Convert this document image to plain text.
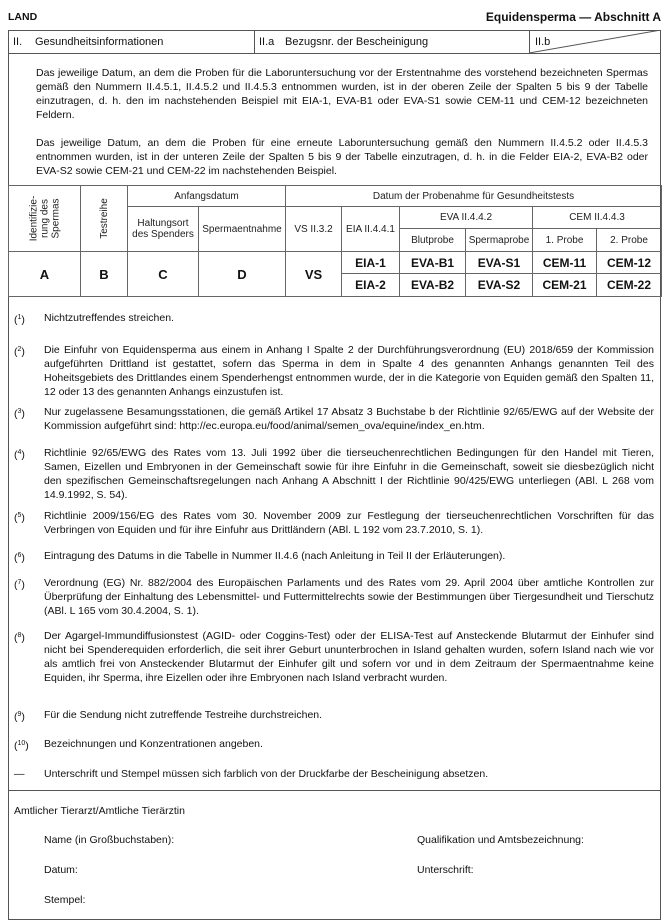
LAND	Equidensperma — Abschnitt A
II. Gesundheitsinformationen	II.a Bezugsnr. der Bescheinigung	II.b
Das jeweilige Datum, an dem die Proben für die Laboruntersuchung vor der Erstentnahme des vorstehend bezeichneten Spermas gemäß den Nummern II.4.5.1, II.4.5.2 und II.4.5.3 entnommen wurden, ist in der oberen Zeile der Spalten 5 bis 9 der Tabelle einzutragen, d. h. den im nachstehenden Beispiel mit EIA-1, EVA-B1 oder EVA-S1 sowie CEM-11 und CEM-12 bezeichneten Feldern.
Das jeweilige Datum, an dem die Proben für eine erneute Laboruntersuchung gemäß den Nummern II.4.5.2 oder II.4.5.3 entnommen wurden, ist in der unteren Zeile der Spalten 5 bis 9 der Tabelle einzutragen, d. h. in die Felder EIA-2, EVA-B2 oder EVA-S2 sowie CEM-21 und CEM-22 im nachstehenden Beispiel.
Identifizie-
rung des
Spermas	Testreihe	Anfangsdatum		Datum der Probenahme für Gesundheitstests					
		Haltungsort
des Spenders	Spermaentnahme	VS II.3.2	EIA II.4.4.1	EVA II.4.4.2		CEM II.4.4.3	
						Blutprobe	Spermaprobe	1. Probe	2. Probe
A	B	C	D	VS	EIA-1	EVA-B1	EVA-S1	CEM-11	CEM-12
					EIA-2	EVA-B2	EVA-S2	CEM-21	CEM-22
($^1$)	Nichtzutreffendes streichen.
($^2$)	Die Einfuhr von Equidensperma aus einem in Anhang I Spalte 2 der Durchführungsverordnung (EU) 2018/659 der Kommission aufgeführten Drittland ist gestattet, sofern das Sperma in dem in Spalte 4 des genannten Anhangs genannten Teil des Hoheitsgebiets des Drittlandes einem Spenderhengst entnommen wurde, der in die Kategorie von Equiden gemäß den Spalten 11, 12 oder 13 des genannten Anhangs einzustufen ist.
($^3$)	Nur zugelassene Besamungsstationen, die gemäß Artikel 17 Absatz 3 Buchstabe b der Richtlinie 92/65/EWG auf der Website der Kommission aufgeführt sind: http://ec.europa.eu/food/animal/semen_ova/equine/index_en.htm.
($^4$)	Richtlinie 92/65/EWG des Rates vom 13. Juli 1992 über die tierseuchenrechtlichen Bedingungen für den Handel mit Tieren, Samen, Eizellen und Embryonen in der Gemeinschaft sowie für ihre Einfuhr in die Gemeinschaft, soweit sie diesbezüglich nicht den spezifischen Gemeinschaftsregelungen nach Anhang A Abschnitt I der Richtlinie 90/425/EWG unterliegen (ABl. L 268 vom 14.9.1992, S. 54).
($^5$)	Richtlinie 2009/156/EG des Rates vom 30. November 2009 zur Festlegung der tierseuchenrechtlichen Vorschriften für das Verbringen von Equiden und für ihre Einfuhr aus Drittländern (ABl. L 192 vom 23.7.2010, S. 1).
($^6$)	Eintragung des Datums in die Tabelle in Nummer II.4.6 (nach Anleitung in Teil II der Erläuterungen).
($^7$)	Verordnung (EG) Nr. 882/2004 des Europäischen Parlaments und des Rates vom 29. April 2004 über amtliche Kontrollen zur Überprüfung der Einhaltung des Lebensmittel- und Futtermittelrechts sowie der Bestimmungen über Tiergesundheit und Tierschutz (ABl. L 165 vom 30.4.2004, S. 1).
($^8$)	Der Agargel-Immundiffusionstest (AGID- oder Coggins-Test) oder der ELISA-Test auf Ansteckende Blutarmut der Einhufer sind nicht bei Spenderequiden erforderlich, die seit ihrer Geburt ununterbrochen in Island gehalten wurden, sofern Island nach wie vor als amtlich frei von Ansteckender Blutarmut der Einhufer gilt und sofern vor und in dem Zeitraum der Spermaentnahme keine Equiden, ihr Sperma, ihre Eizellen oder ihre Embryonen nach Island verbracht wurden.
($^9$)	Für die Sendung nicht zutreffende Testreihe durchstreichen.
($^{10}$)	Bezeichnungen und Konzentrationen angeben.
—	Unterschrift und Stempel müssen sich farblich von der Druckfarbe der Bescheinigung absetzen.
Amtlicher Tierarzt/Amtliche Tierärztin
Name (in Großbuchstaben):	Qualifikation und Amtsbezeichnung:
Datum:	Unterschrift:
Stempel:
